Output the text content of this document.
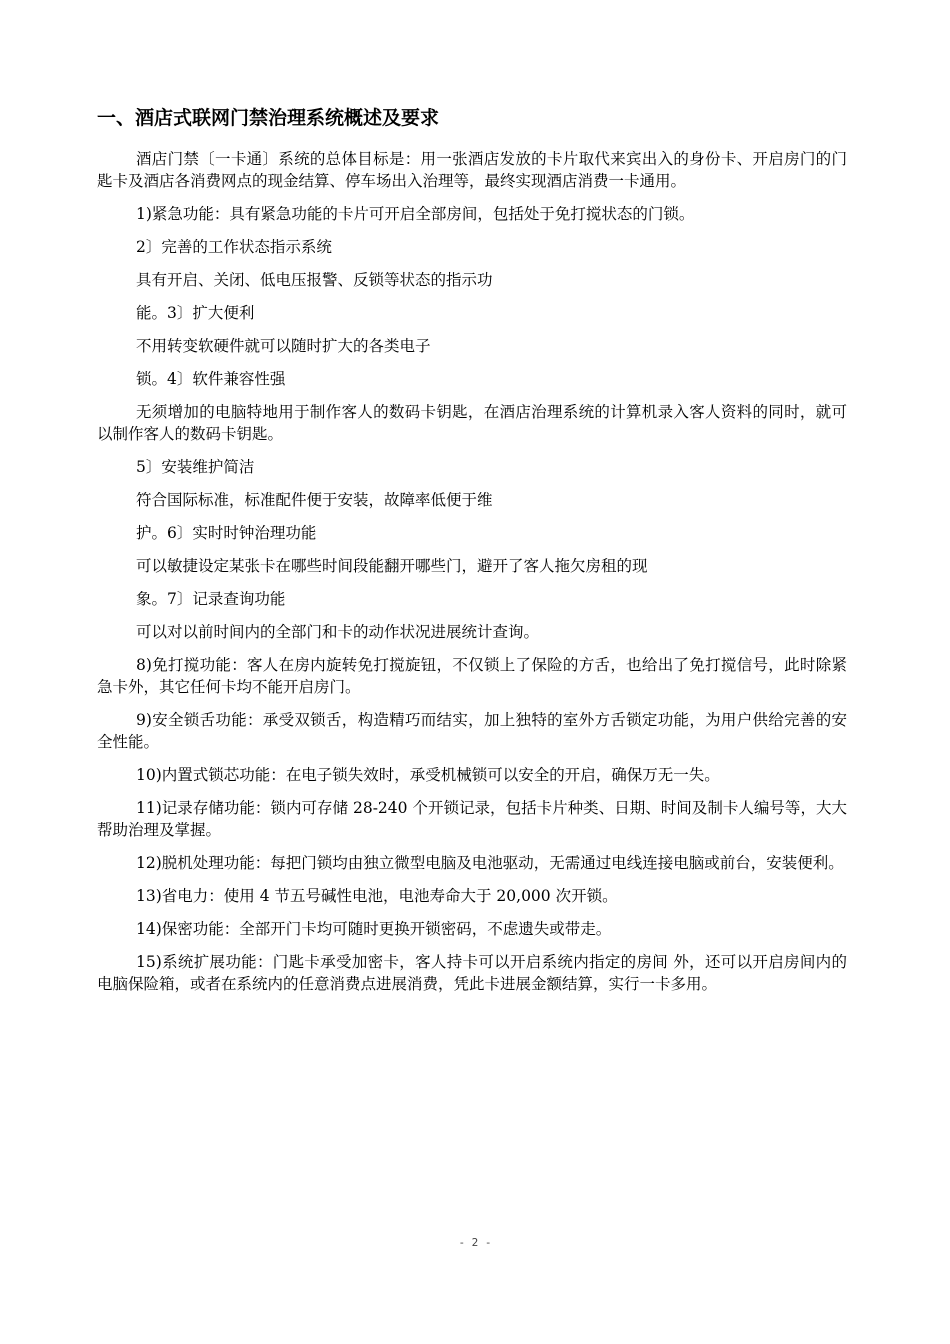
一、酒店式联网门禁治理系统概述及要求

酒店门禁〔一卡通〕系统的总体目标是：用一张酒店发放的卡片取代来宾出入的身份卡、开启房门的门匙卡及酒店各消费网点的现金结算、停车场出入治理等，最终实现酒店消费一卡通用。

1)紧急功能：具有紧急功能的卡片可开启全部房间，包括处于免打搅状态的门锁。

2〕完善的工作状态指示系统

具有开启、关闭、低电压报警、反锁等状态的指示功

能。3〕扩大便利

不用转变软硬件就可以随时扩大的各类电子

锁。4〕软件兼容性强

无须增加的电脑特地用于制作客人的数码卡钥匙，在酒店治理系统的计算机录入客人资料的同时，就可以制作客人的数码卡钥匙。

5〕安装维护简洁

符合国际标准，标准配件便于安装，故障率低便于维

护。6〕实时时钟治理功能

可以敏捷设定某张卡在哪些时间段能翻开哪些门，避开了客人拖欠房租的现

象。7〕记录查询功能

可以对以前时间内的全部门和卡的动作状况进展统计查询。

8)免打搅功能：客人在房内旋转免打搅旋钮，不仅锁上了保险的方舌，也给出了免打搅信号，此时除紧急卡外，其它任何卡均不能开启房门。

9)安全锁舌功能：承受双锁舌，构造精巧而结实，加上独特的室外方舌锁定功能，为用户供给完善的安全性能。

10)内置式锁芯功能：在电子锁失效时，承受机械锁可以安全的开启，确保万无一失。

11)记录存储功能：锁内可存储 28-240 个开锁记录，包括卡片种类、日期、时间及制卡人编号等，大大帮助治理及掌握。

12)脱机处理功能：每把门锁均由独立微型电脑及电池驱动，无需通过电线连接电脑或前台，安装便利。

13)省电力：使用 4 节五号碱性电池，电池寿命大于 20,000 次开锁。

14)保密功能：全部开门卡均可随时更换开锁密码，不虑遗失或带走。

15)系统扩展功能：门匙卡承受加密卡，客人持卡可以开启系统内指定的房间 外，还可以开启房间内的电脑保险箱，或者在系统内的任意消费点进展消费，凭此卡进展金额结算，实行一卡多用。

- 2 -
